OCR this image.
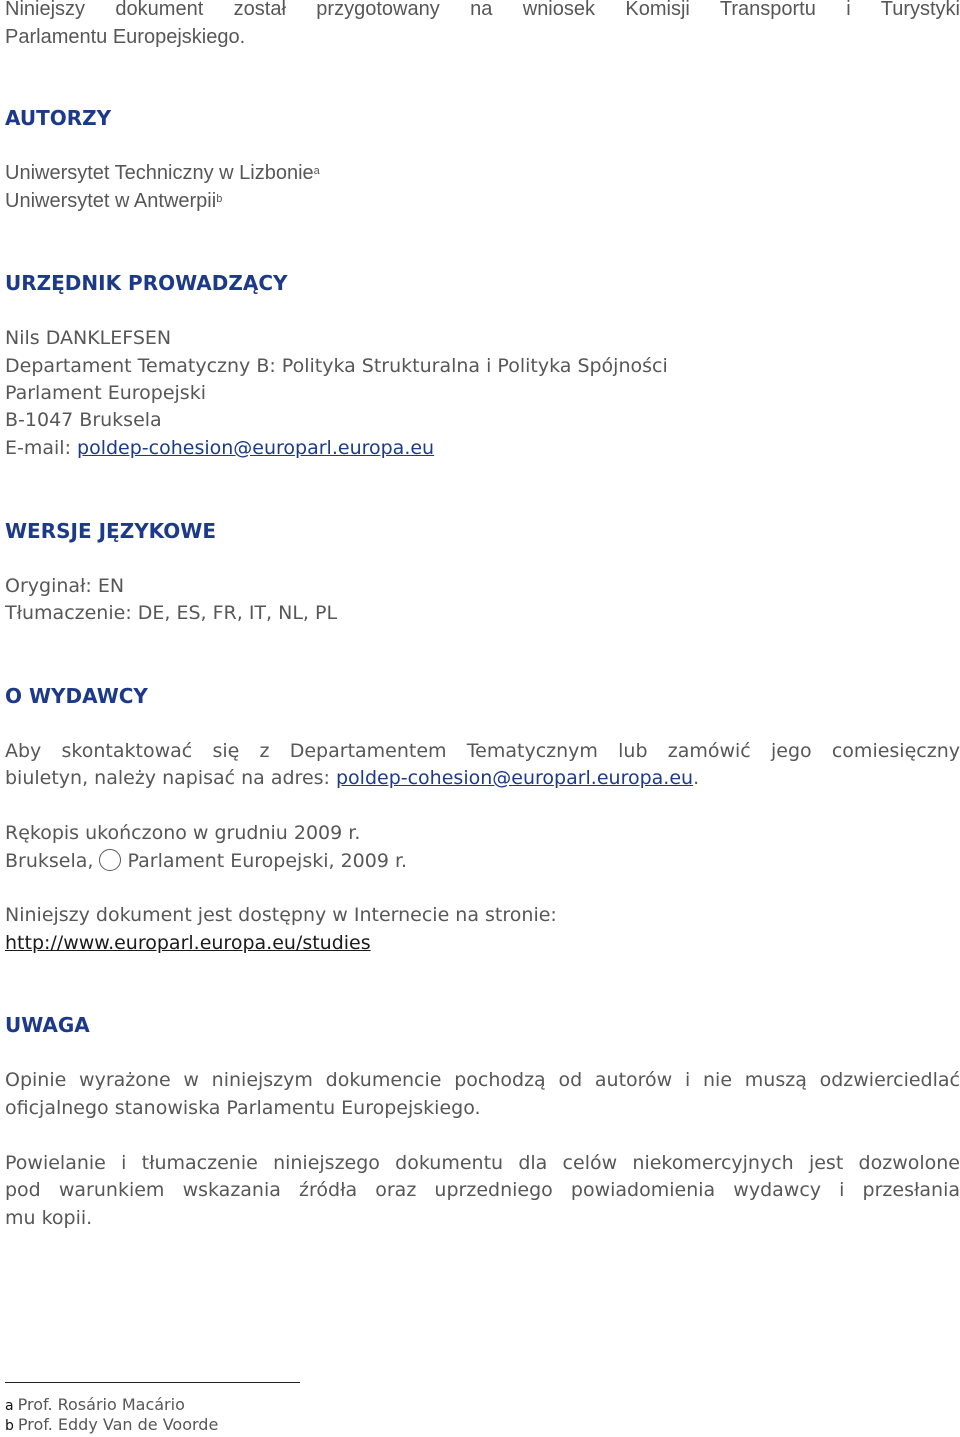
Niniejszy dokument został przygotowany na wniosek Komisji Transportu i Turystyki
Parlamentu Europejskiego.
AUTORZY
Uniwersytet Techniczny w Lizbonie$^a$
Uniwersytet w Antwerpii$^b$
URZĘDNIK PROWADZĄCY
Nils DANKLEFSEN
Departament Tematyczny B: Polityka Strukturalna i Polityka Spójności
Parlament Europejski
B-1047 Bruksela
E-mail: poldep-cohesion@europarl.europa.eu
WERSJE JĘZYKOWE
Oryginał: EN
Tłumaczenie: DE, ES, FR, IT, NL, PL
O WYDAWCY
Aby skontaktować się z Departamentem Tematycznym lub zamówić jego comiesięczny
biuletyn, należy napisać na adres: poldep-cohesion@europarl.europa.eu.
Rękopis ukończono w grudniu 2009 r.
Bruksela,  Parlament Europejski, 2009 r.
Niniejszy dokument jest dostępny w Internecie na stronie:
http://www.europarl.europa.eu/studies
UWAGA
Opinie wyrażone w niniejszym dokumencie pochodzą od autorów i nie muszą odzwierciedlać
oficjalnego stanowiska Parlamentu Europejskiego.
Powielanie i tłumaczenie niniejszego dokumentu dla celów niekomercyjnych jest dozwolone
pod warunkiem wskazania źródła oraz uprzedniego powiadomienia wydawcy i przesłania
mu kopii.
a Prof. Rosário Macário
b Prof. Eddy Van de Voorde
